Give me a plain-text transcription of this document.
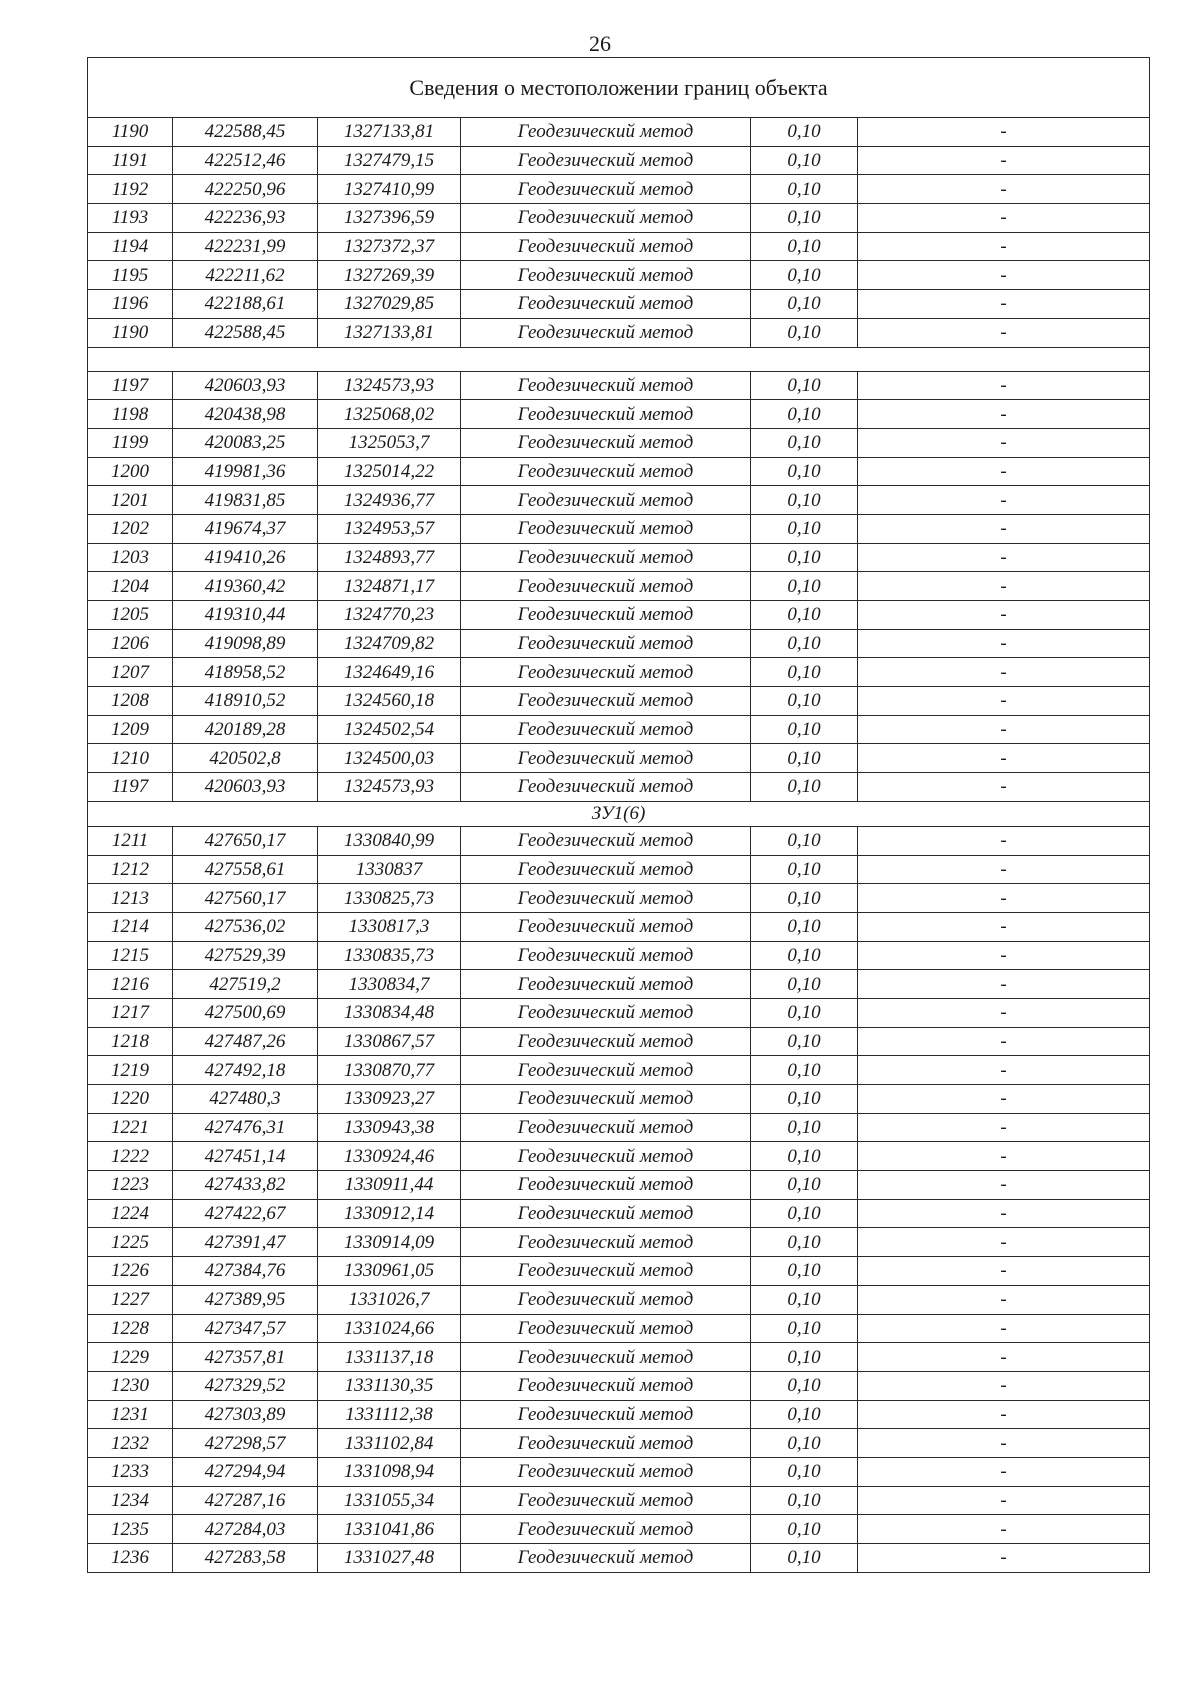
26
Сведения о местоположении границ объекта					
1190	422588,45	1327133,81	Геодезический метод	0,10	-
1191	422512,46	1327479,15	Геодезический метод	0,10	-
1192	422250,96	1327410,99	Геодезический метод	0,10	-
1193	422236,93	1327396,59	Геодезический метод	0,10	-
1194	422231,99	1327372,37	Геодезический метод	0,10	-
1195	422211,62	1327269,39	Геодезический метод	0,10	-
1196	422188,61	1327029,85	Геодезический метод	0,10	-
1190	422588,45	1327133,81	Геодезический метод	0,10	-

1197	420603,93	1324573,93	Геодезический метод	0,10	-
1198	420438,98	1325068,02	Геодезический метод	0,10	-
1199	420083,25	1325053,7	Геодезический метод	0,10	-
1200	419981,36	1325014,22	Геодезический метод	0,10	-
1201	419831,85	1324936,77	Геодезический метод	0,10	-
1202	419674,37	1324953,57	Геодезический метод	0,10	-
1203	419410,26	1324893,77	Геодезический метод	0,10	-
1204	419360,42	1324871,17	Геодезический метод	0,10	-
1205	419310,44	1324770,23	Геодезический метод	0,10	-
1206	419098,89	1324709,82	Геодезический метод	0,10	-
1207	418958,52	1324649,16	Геодезический метод	0,10	-
1208	418910,52	1324560,18	Геодезический метод	0,10	-
1209	420189,28	1324502,54	Геодезический метод	0,10	-
1210	420502,8	1324500,03	Геодезический метод	0,10	-
1197	420603,93	1324573,93	Геодезический метод	0,10	-
ЗУ1(6)					
1211	427650,17	1330840,99	Геодезический метод	0,10	-
1212	427558,61	1330837	Геодезический метод	0,10	-
1213	427560,17	1330825,73	Геодезический метод	0,10	-
1214	427536,02	1330817,3	Геодезический метод	0,10	-
1215	427529,39	1330835,73	Геодезический метод	0,10	-
1216	427519,2	1330834,7	Геодезический метод	0,10	-
1217	427500,69	1330834,48	Геодезический метод	0,10	-
1218	427487,26	1330867,57	Геодезический метод	0,10	-
1219	427492,18	1330870,77	Геодезический метод	0,10	-
1220	427480,3	1330923,27	Геодезический метод	0,10	-
1221	427476,31	1330943,38	Геодезический метод	0,10	-
1222	427451,14	1330924,46	Геодезический метод	0,10	-
1223	427433,82	1330911,44	Геодезический метод	0,10	-
1224	427422,67	1330912,14	Геодезический метод	0,10	-
1225	427391,47	1330914,09	Геодезический метод	0,10	-
1226	427384,76	1330961,05	Геодезический метод	0,10	-
1227	427389,95	1331026,7	Геодезический метод	0,10	-
1228	427347,57	1331024,66	Геодезический метод	0,10	-
1229	427357,81	1331137,18	Геодезический метод	0,10	-
1230	427329,52	1331130,35	Геодезический метод	0,10	-
1231	427303,89	1331112,38	Геодезический метод	0,10	-
1232	427298,57	1331102,84	Геодезический метод	0,10	-
1233	427294,94	1331098,94	Геодезический метод	0,10	-
1234	427287,16	1331055,34	Геодезический метод	0,10	-
1235	427284,03	1331041,86	Геодезический метод	0,10	-
1236	427283,58	1331027,48	Геодезический метод	0,10	-
